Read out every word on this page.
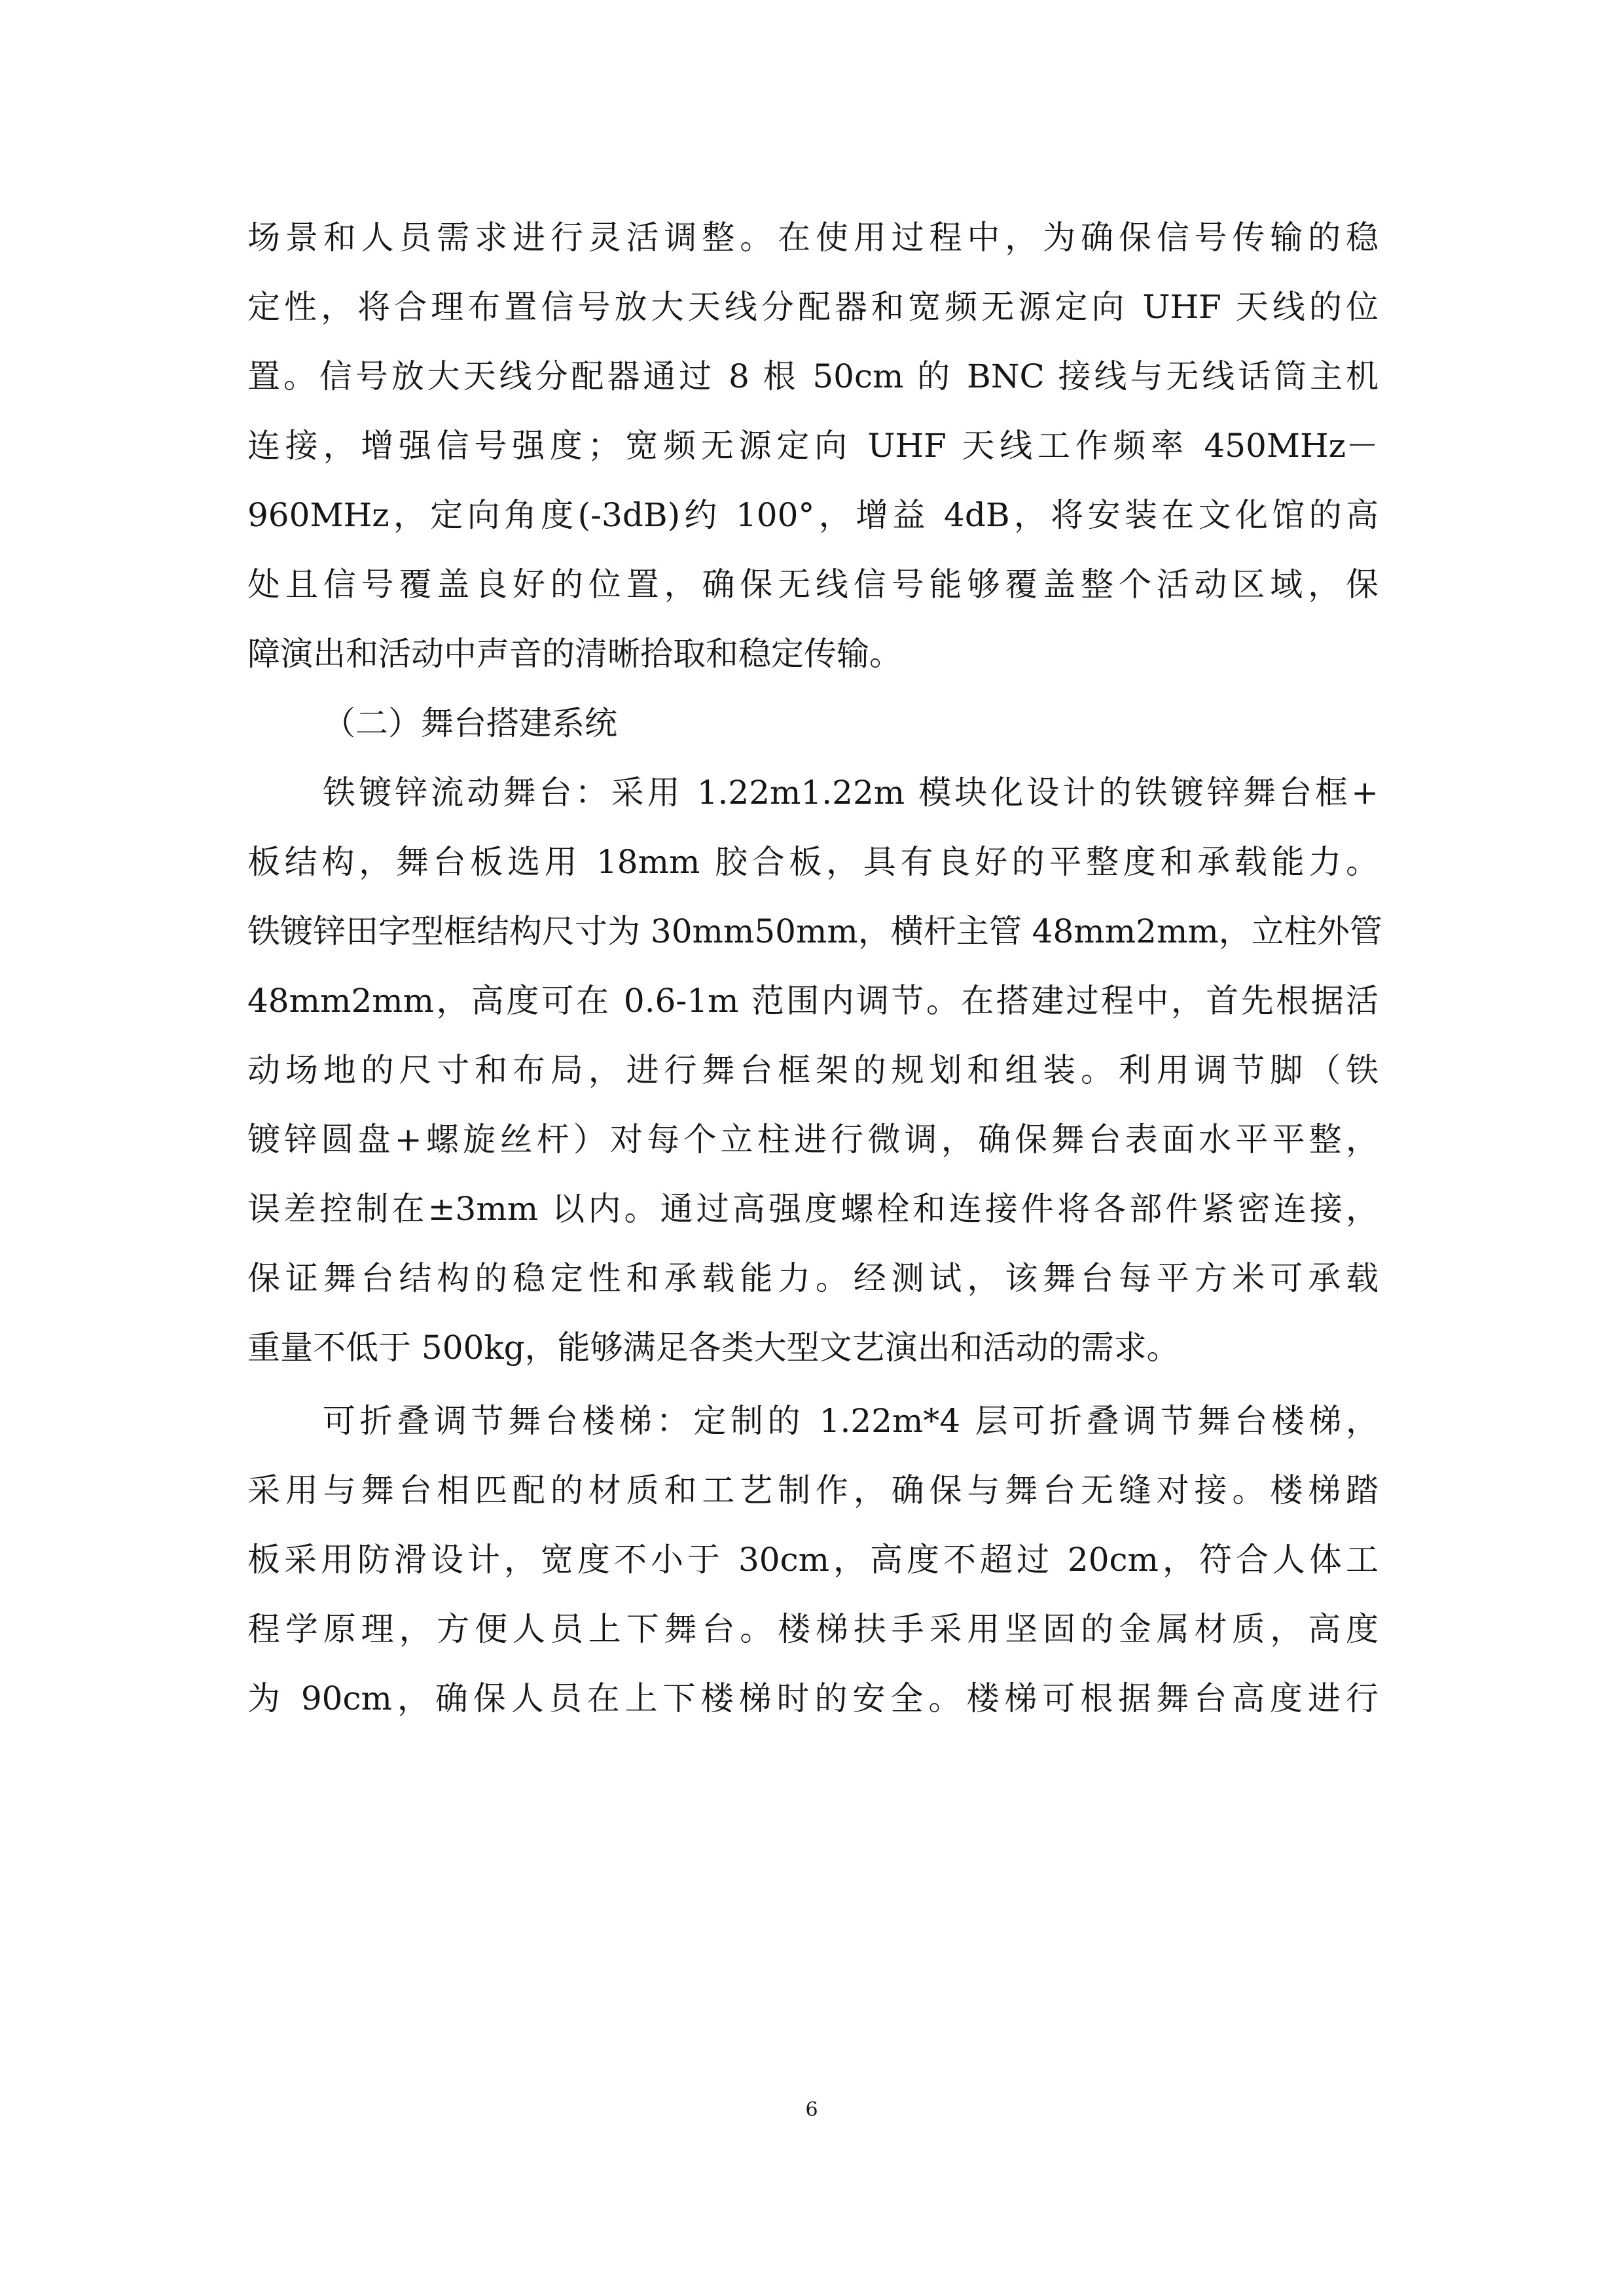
场景和人员需求进行灵活调整。在使用过程中，为确保信号传输的稳

定性，将合理布置信号放大天线分配器和宽频无源定向 UHF 天线的位

置。信号放大天线分配器通过 8 根 50cm 的 BNC 接线与无线话筒主机

连接，增强信号强度；宽频无源定向 UHF 天线工作频率 450MHz－

960MHz，定向角度(-3dB)约 100°，增益 4dB，将安装在文化馆的高

处且信号覆盖良好的位置，确保无线信号能够覆盖整个活动区域，保

障演出和活动中声音的清晰拾取和稳定传输。

（二）舞台搭建系统

铁镀锌流动舞台：采用 1.22m1.22m 模块化设计的铁镀锌舞台框+

板结构，舞台板选用 18mm 胶合板，具有良好的平整度和承载能力。

铁镀锌田字型框结构尺寸为 30mm50mm，横杆主管 48mm2mm，立柱外管

48mm2mm，高度可在 0.6-1m 范围内调节。在搭建过程中，首先根据活

动场地的尺寸和布局，进行舞台框架的规划和组装。利用调节脚（铁

镀锌圆盘+螺旋丝杆）对每个立柱进行微调，确保舞台表面水平平整，

误差控制在±3mm 以内。通过高强度螺栓和连接件将各部件紧密连接，

保证舞台结构的稳定性和承载能力。经测试，该舞台每平方米可承载

重量不低于 500kg，能够满足各类大型文艺演出和活动的需求。

可折叠调节舞台楼梯：定制的 1.22m*4 层可折叠调节舞台楼梯，

采用与舞台相匹配的材质和工艺制作，确保与舞台无缝对接。楼梯踏

板采用防滑设计，宽度不小于 30cm，高度不超过 20cm，符合人体工

程学原理，方便人员上下舞台。楼梯扶手采用坚固的金属材质，高度

为 90cm，确保人员在上下楼梯时的安全。楼梯可根据舞台高度进行

6
